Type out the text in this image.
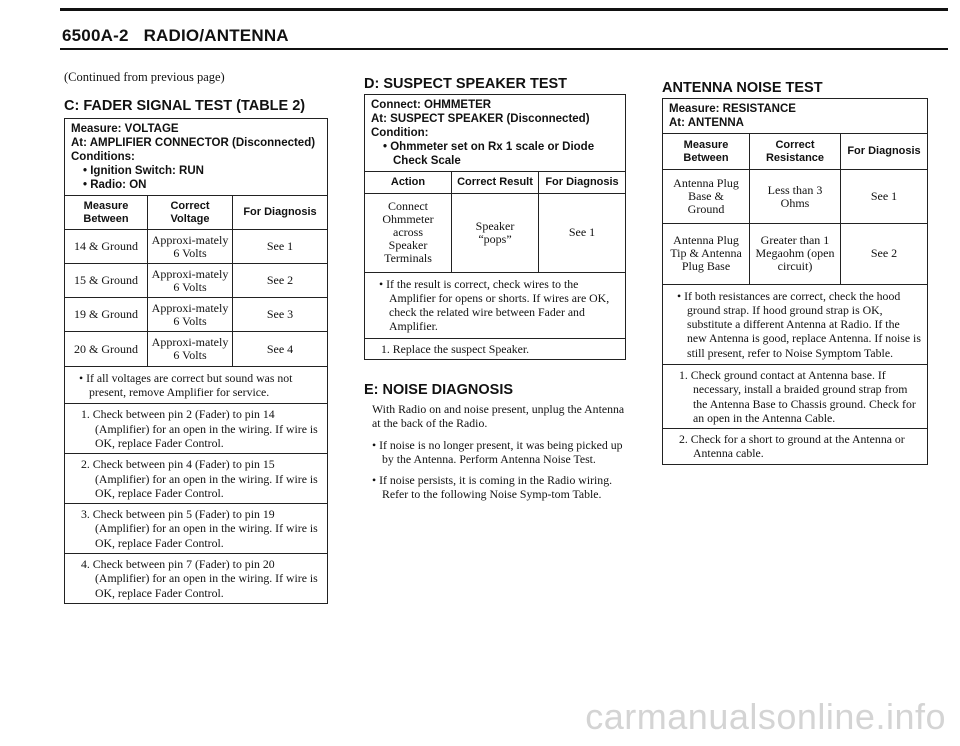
6500A-2 RADIO/ANTENNA
(Continued from previous page)
C: FADER SIGNAL TEST (TABLE 2)
Measure: VOLTAGE
At: AMPLIFIER CONNECTOR (Disconnected)
Conditions:
• Ignition Switch: RUN
• Radio: ON
Measure Between	Correct Voltage	For Diagnosis
14 & Ground	Approxi-mately 6 Volts	See 1
15 & Ground	Approxi-mately 6 Volts	See 2
19 & Ground	Approxi-mately 6 Volts	See 3
20 & Ground	Approxi-mately 6 Volts	See 4

• If all voltages are correct but sound was not present, remove Amplifier for service.

1. Check between pin 2 (Fader) to pin 14 (Amplifier) for an open in the wiring. If wire is OK, replace Fader Control.

2. Check between pin 4 (Fader) to pin 15 (Amplifier) for an open in the wiring. If wire is OK, replace Fader Control.

3. Check between pin 5 (Fader) to pin 19 (Amplifier) for an open in the wiring. If wire is OK, replace Fader Control.

4. Check between pin 7 (Fader) to pin 20 (Amplifier) for an open in the wiring. If wire is OK, replace Fader Control.

D: SUSPECT SPEAKER TEST
Connect: OHMMETER
At: SUSPECT SPEAKER (Disconnected)
Condition:
• Ohmmeter set on Rx 1 scale or Diode
Check Scale
Action	Correct Result	For Diagnosis
Connect Ohmmeter across Speaker Terminals	Speaker “pops”	See 1

• If the result is correct, check wires to the Amplifier for opens or shorts. If wires are OK, check the related wire between Fader and Amplifier.

1. Replace the suspect Speaker.

E: NOISE DIAGNOSIS

With Radio on and noise present, unplug the Antenna at the back of the Radio.

• If noise is no longer present, it was being picked up by the Antenna. Perform Antenna Noise Test.

• If noise persists, it is coming in the Radio wiring. Refer to the following Noise Symp-tom Table.

ANTENNA NOISE TEST
Measure: RESISTANCE
At: ANTENNA
Measure Between	Correct Resistance	For Diagnosis
Antenna Plug Base & Ground	Less than 3 Ohms	See 1
Antenna Plug Tip & Antenna Plug Base	Greater than 1 Megaohm (open circuit)	See 2

• If both resistances are correct, check the hood ground strap. If hood ground strap is OK, substitute a different Antenna at Radio. If the new Antenna is good, replace Antenna. If noise is still present, refer to Noise Symptom Table.

1. Check ground contact at Antenna base. If necessary, install a braided ground strap from the Antenna Base to Chassis ground. Check for an open in the Antenna Cable.

2. Check for a short to ground at the Antenna or Antenna cable.

carmanualsonline.info
